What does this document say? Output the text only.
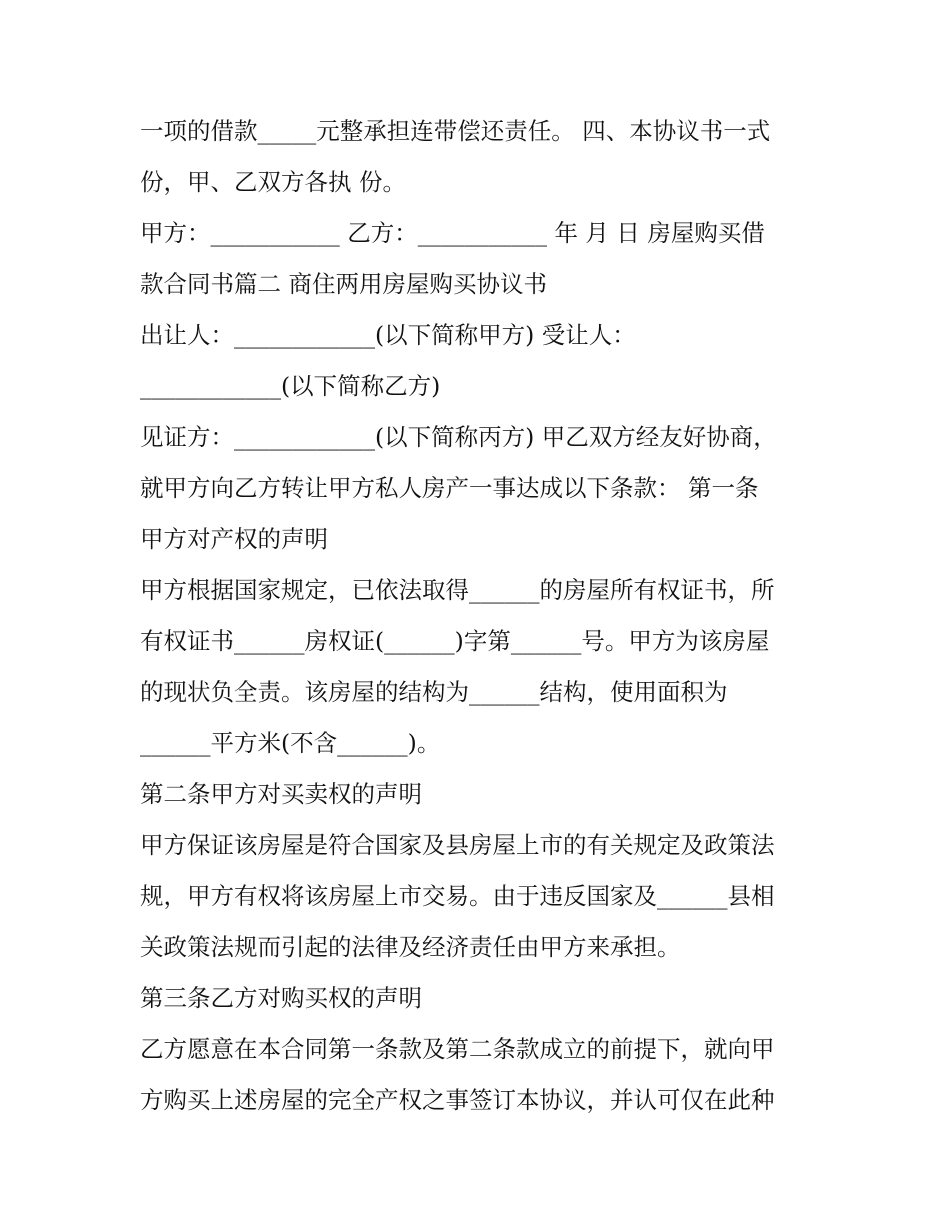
一项的借款_____元整承担连带偿还责任。 四、本协议书一式
份，甲、乙双方各执 份。
甲方：___________ 乙方：___________ 年 月 日 房屋购买借
款合同书篇二 商住两用房屋购买协议书
出让人：____________(以下简称甲方) 受让人：
____________(以下简称乙方)
见证方：____________(以下简称丙方) 甲乙双方经友好协商，
就甲方向乙方转让甲方私人房产一事达成以下条款： 第一条
甲方对产权的声明
甲方根据国家规定，已依法取得______的房屋所有权证书，所
有权证书______房权证(______)字第______号。甲方为该房屋
的现状负全责。该房屋的结构为______结构，使用面积为
______平方米(不含______)。
第二条甲方对买卖权的声明
甲方保证该房屋是符合国家及县房屋上市的有关规定及政策法
规，甲方有权将该房屋上市交易。由于违反国家及______县相
关政策法规而引起的法律及经济责任由甲方来承担。
第三条乙方对购买权的声明
乙方愿意在本合同第一条款及第二条款成立的前提下，就向甲
方购买上述房屋的完全产权之事签订本协议，并认可仅在此种
